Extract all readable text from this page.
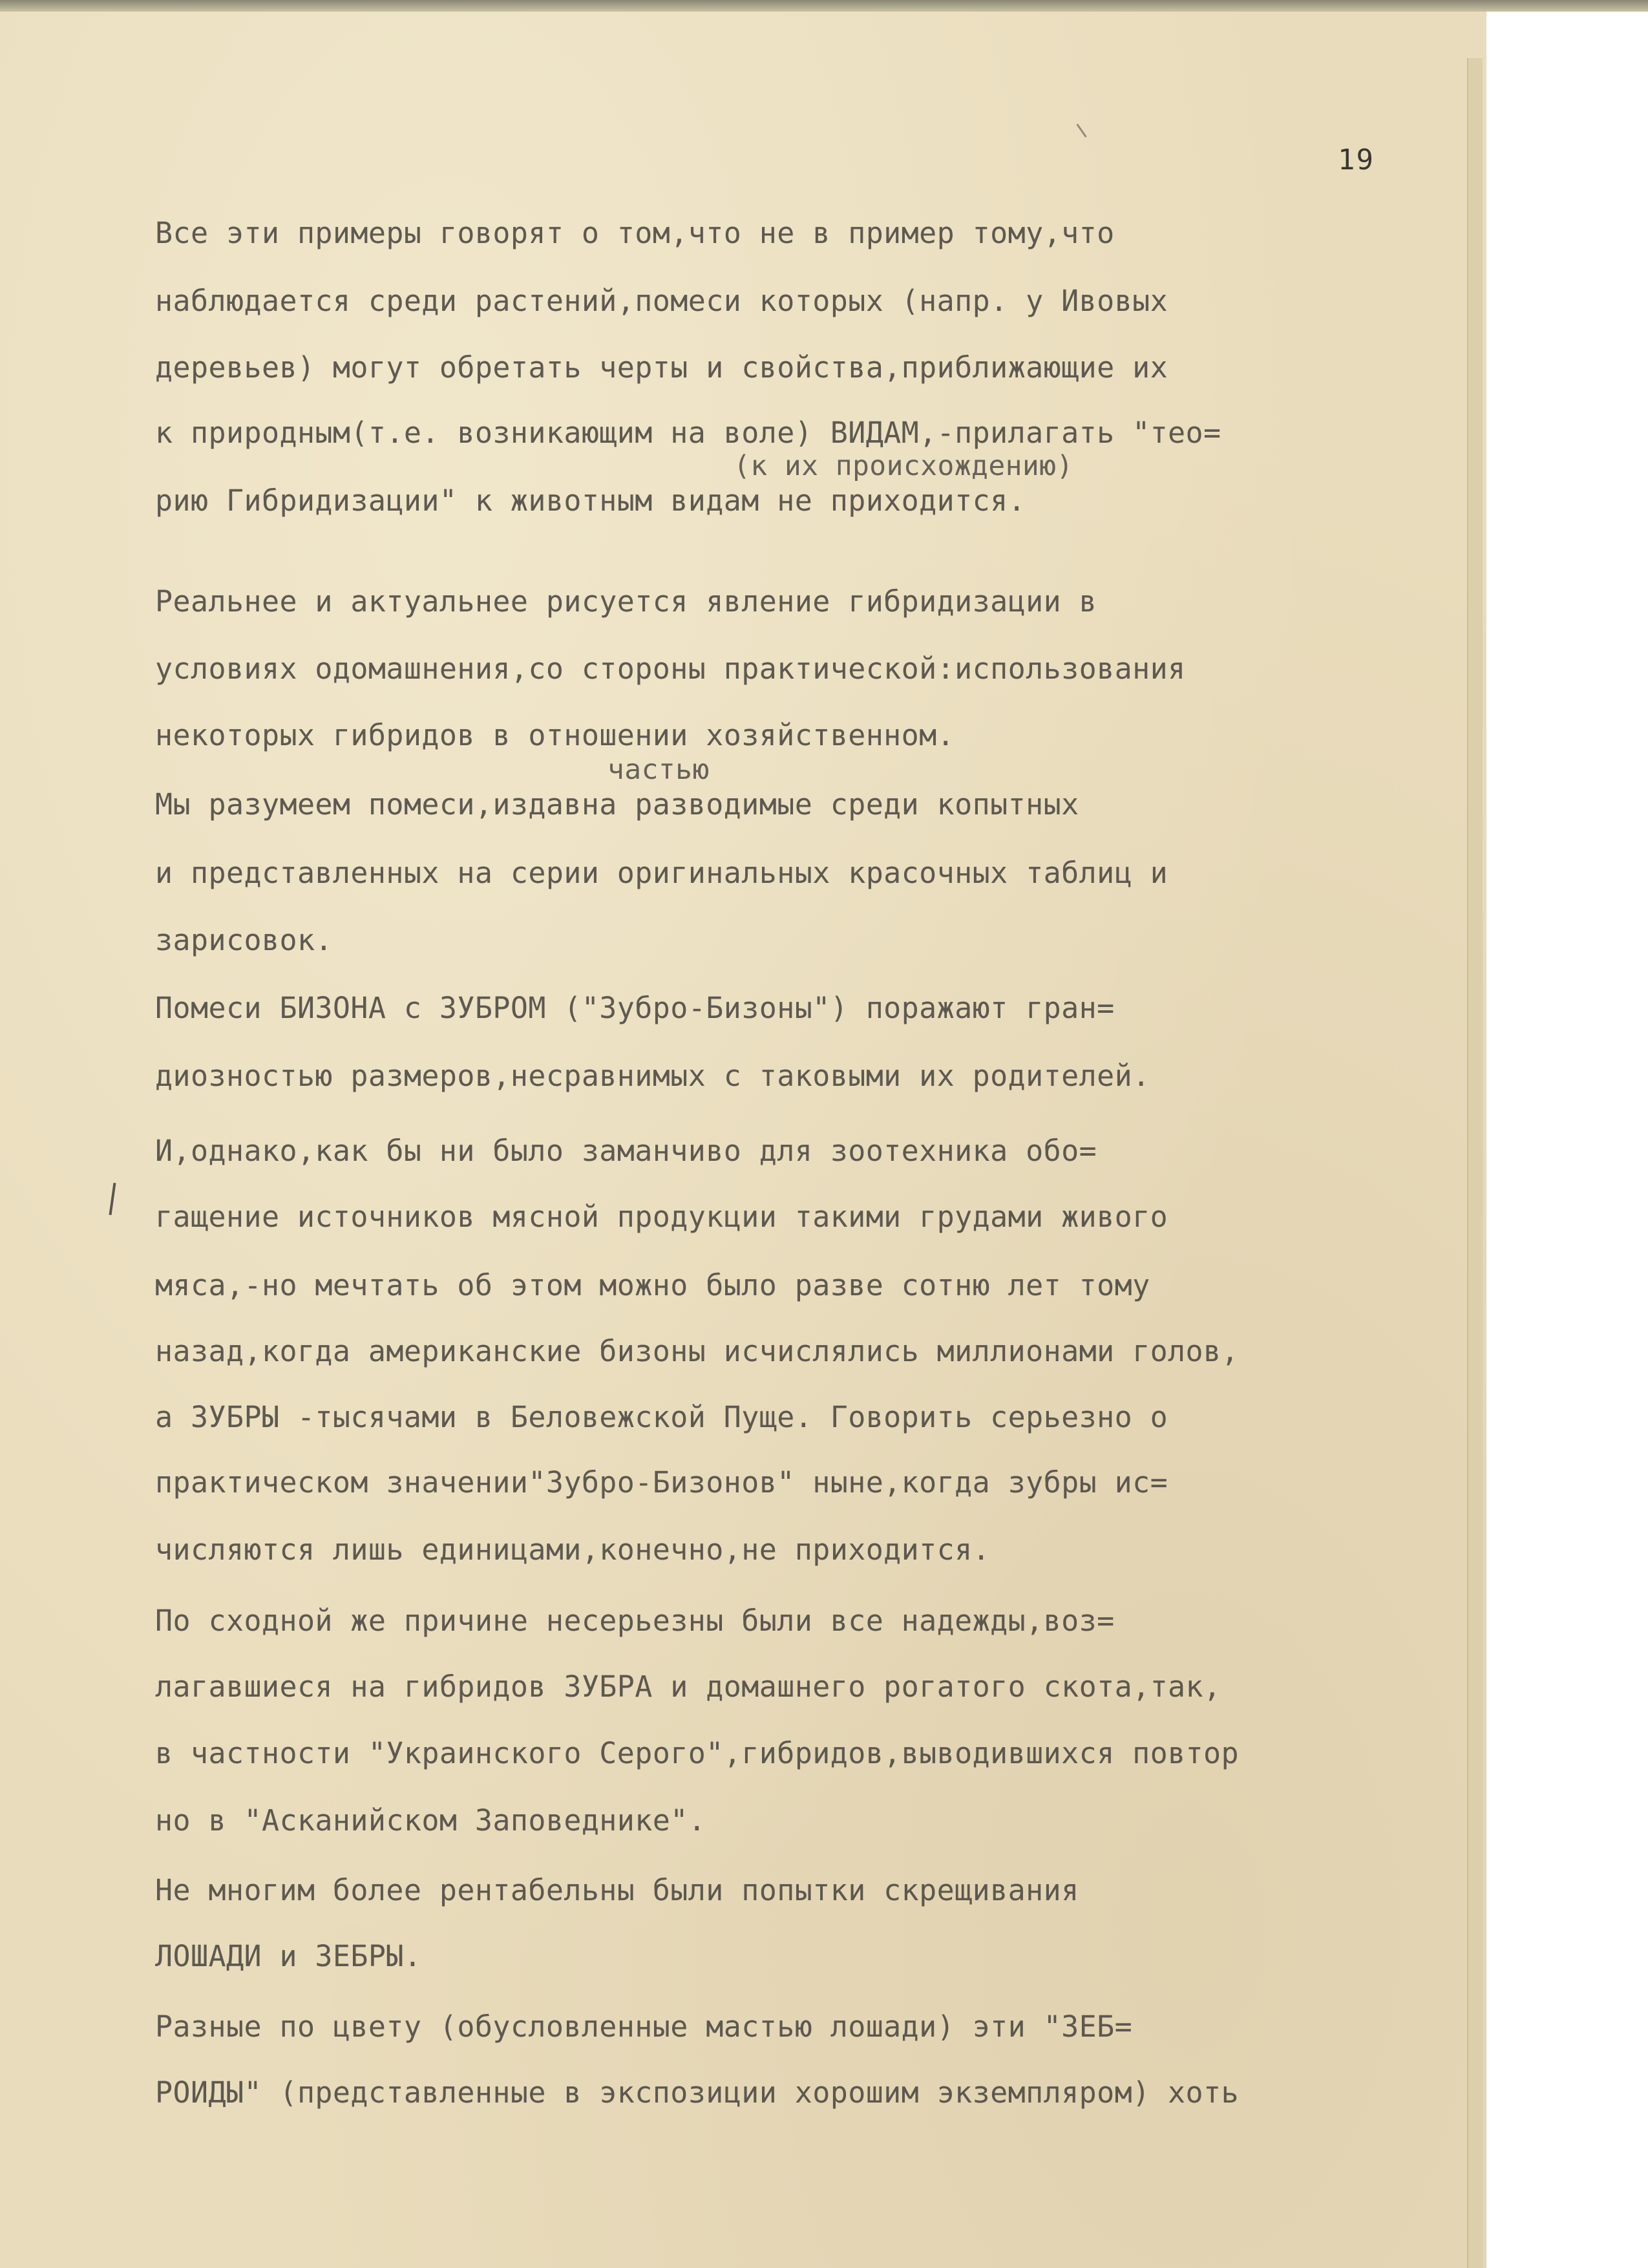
19
Все эти примеры говорят о том,что не в пример тому,что
наблюдается среди растений,помеси которых (напр. у Ивовых
деревьев) могут обретать черты и свойства,приближающие их
к природным(т.е. возникающим на воле) ВИДАМ,-прилагать "тео=
(к их происхождению)
рию Гибридизации" к животным видам не приходится.
Реальнее и актуальнее рисуется явление гибридизации в
условиях одомашнения,со стороны практической:использования
некоторых гибридов в отношении хозяйственном.
частью
Мы разумеем помеси,издавна разводимые среди копытных
и представленных на серии оригинальных красочных таблиц и
зарисовок.
Помеси БИЗОНА с ЗУБРОМ ("Зубро-Бизоны") поражают гран=
диозностью размеров,несравнимых с таковыми их родителей.
И,однако,как бы ни было заманчиво для зоотехника обо=
гащение источников мясной продукции такими грудами живого
мяса,-но мечтать об этом можно было разве сотню лет тому
назад,когда американские бизоны исчислялись миллионами голов,
а ЗУБРЫ -тысячами в Беловежской Пуще. Говорить серьезно о
практическом значении"Зубро-Бизонов" ныне,когда зубры ис=
числяются лишь единицами,конечно,не приходится.
По сходной же причине несерьезны были все надежды,воз=
лагавшиеся на гибридов ЗУБРА и домашнего рогатого скота,так,
в частности "Украинского Серого",гибридов,выводившихся повтор
но в "Асканийском Заповеднике".
Не многим более рентабельны были попытки скрещивания
ЛОШАДИ и ЗЕБРЫ.
Разные по цвету (обусловленные мастью лошади) эти "ЗЕБ=
РОИДЫ" (представленные в экспозиции хорошим экземпляром) хоть
